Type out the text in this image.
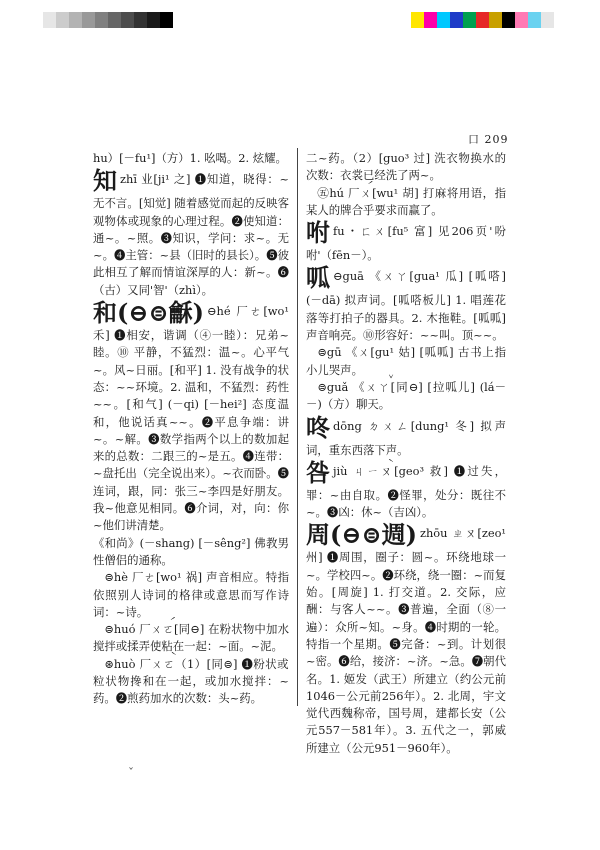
口 209

hu）[－fu¹]（方）1. 吆喝。2. 炫耀。

知zhī 业[ji¹ 之] ❶知道，晓得：~无不言。[知觉] 随着感觉而起的反映客观物体或现象的心理过程。❷使知道：通~。~照。❸知识，学问：求~。无~。❹主管：~县（旧时的县长）。❺彼此相互了解而情谊深厚的人：新~。❻（古）又同'智'（zhì）。

和(⊖⊜龢) ⊖hé 厂ㄜ[wo¹ 禾] ❶相安，谐调（④一睦）：兄弟~睦。⑩ 平静，不猛烈：温~。心平气~。风~日丽。[和平] 1. 没有战争的状态：~~环境。2. 温和，不猛烈：药性~~。[和气] (－qi) [－hei²] 态度温和，他说话真~~。❷平息争端：讲~。~解。❸数学指两个以上的数加起来的总数：二跟三的~是五。❹连带：~盘托出（完全说出来）。~衣而卧。❺连词，跟，同：张三~李四是好朋友。我~他意见相同。❻介词，对，向：你~他们讲清楚。

《和尚》(－shang) [－sêng²] 佛教男性僧侣的通称。

⊜hè 厂ㄜ[wo¹ 祸] 声音相应。特指依照别人诗词的格律或意思而写作诗词：~诗。

⊜huó 厂ㄨㄛ́[同⊖] 在粉状物中加水搅拌或揉弄使粘在一起：~面。~泥。

⊛huò 厂ㄨㄛ̀（1）[同⊜] ❶粉状或粒状物搀和在一起，或加水搅拌：~药。❷煎药加水的次数：头~药。

二~药。（2）[guo³ 过] 洗衣物换水的次数：衣裳已经洗了两~。

㊄hú 厂ㄨ́[wu¹ 胡] 打麻将用语，指某人的牌合乎要求而赢了。

咐fu・ㄈㄨ[fu⁵ 富] 见206页'吩咐'（fēn－）。

呱 ⊖guā 《ㄨㄚ[gua¹ 瓜] [呱嗒] (－dā) 拟声词。[呱嗒板儿] 1. 唱莲花落等打拍子的器具。2. 木拖鞋。[呱呱] 声音响亮。⑩形容好：~~叫。顶~~。

⊜gū 《ㄨ[gu¹ 姑] [呱呱] 古书上指小儿哭声。

⊜guǎ 《ㄨㄚ̌[同⊖] [拉呱儿] (lá－－)（方）聊天。

咚dōng ㄉㄨㄥ[dung¹ 冬] 拟声词，重东西落下声。

咎jiù ㄐㄧㄡ̀[geo³ 救] ❶过失，罪：~由自取。❷怪罪，处分：既往不~。❸凶：休~（吉凶）。

周(⊖⊜週) zhōu ㄓㄡ[zeo¹ 州] ❶周围，圈子：圆~。环绕地球一~。学校四~。❷环绕，绕一圈：~而复始。[周旋] 1. 打交道。2. 交际，应酬：与客人~~。❸普遍，全面（⑧一遍）：众所~知。~身。❹时期的一轮。特指一个星期。❺完备：~到。计划很~密。❻给，接济：~济。~急。❼朝代名。1. 姬发（武王）所建立（约公元前1046－公元前256年）。2. 北周，宇文觉代西魏称帝，国号周，建都长安（公元557－581年）。3. 五代之一，郭威所建立（公元951－960年）。

ˇ
